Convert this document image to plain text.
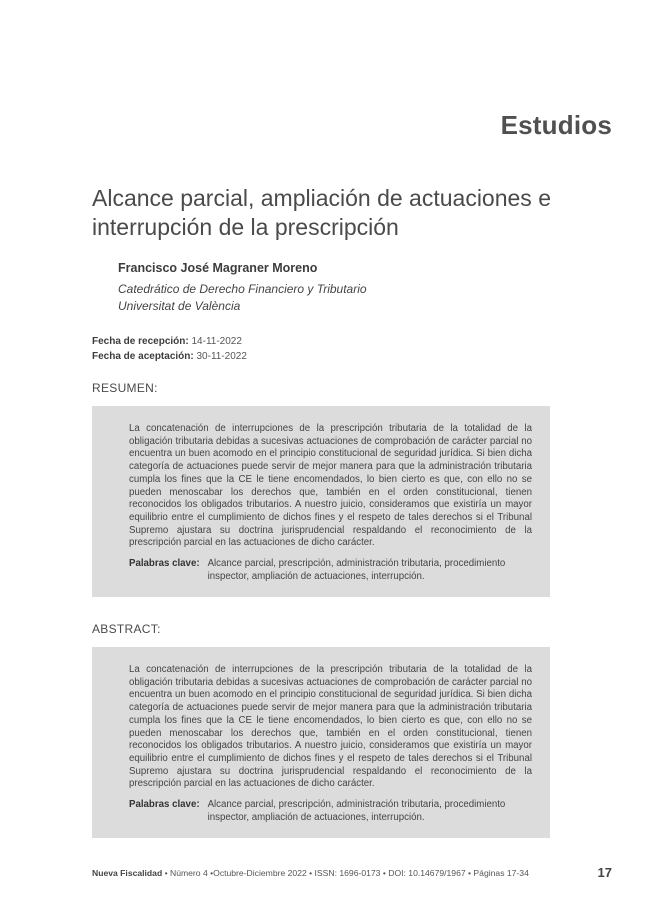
Estudios
Alcance parcial, ampliación de actuaciones e interrupción de la prescripción
Francisco José Magraner Moreno
Catedrático de Derecho Financiero y Tributario
Universitat de València
Fecha de recepción: 14-11-2022
Fecha de aceptación: 30-11-2022
RESUMEN:

La concatenación de interrupciones de la prescripción tributaria de la totalidad de la obligación tributaria debidas a sucesivas actuaciones de comprobación de carácter parcial no encuentra un buen acomodo en el principio constitucional de seguridad jurídica. Si bien dicha categoría de actuaciones puede servir de mejor manera para que la administración tributaria cumpla los fines que la CE le tiene encomendados, lo bien cierto es que, con ello no se pueden menoscabar los derechos que, también en el orden constitucional, tienen reconocidos los obligados tributarios. A nuestro juicio, consideramos que existiría un mayor equilibrio entre el cumplimiento de dichos fines y el respeto de tales derechos si el Tribunal Supremo ajustara su doctrina jurisprudencial respaldando el reconocimiento de la prescripción parcial en las actuaciones de dicho carácter.

Palabras clave: Alcance parcial, prescripción, administración tributaria, procedimiento inspector, ampliación de actuaciones, interrupción.
ABSTRACT:

La concatenación de interrupciones de la prescripción tributaria de la totalidad de la obligación tributaria debidas a sucesivas actuaciones de comprobación de carácter parcial no encuentra un buen acomodo en el principio constitucional de seguridad jurídica. Si bien dicha categoría de actuaciones puede servir de mejor manera para que la administración tributaria cumpla los fines que la CE le tiene encomendados, lo bien cierto es que, con ello no se pueden menoscabar los derechos que, también en el orden constitucional, tienen reconocidos los obligados tributarios. A nuestro juicio, consideramos que existiría un mayor equilibrio entre el cumplimiento de dichos fines y el respeto de tales derechos si el Tribunal Supremo ajustara su doctrina jurisprudencial respaldando el reconocimiento de la prescripción parcial en las actuaciones de dicho carácter.

Palabras clave: Alcance parcial, prescripción, administración tributaria, procedimiento inspector, ampliación de actuaciones, interrupción.
Nueva Fiscalidad • Número 4 •Octubre-Diciembre 2022 • ISSN: 1696-0173 • DOI: 10.14679/1967 • Páginas 17-34	17
